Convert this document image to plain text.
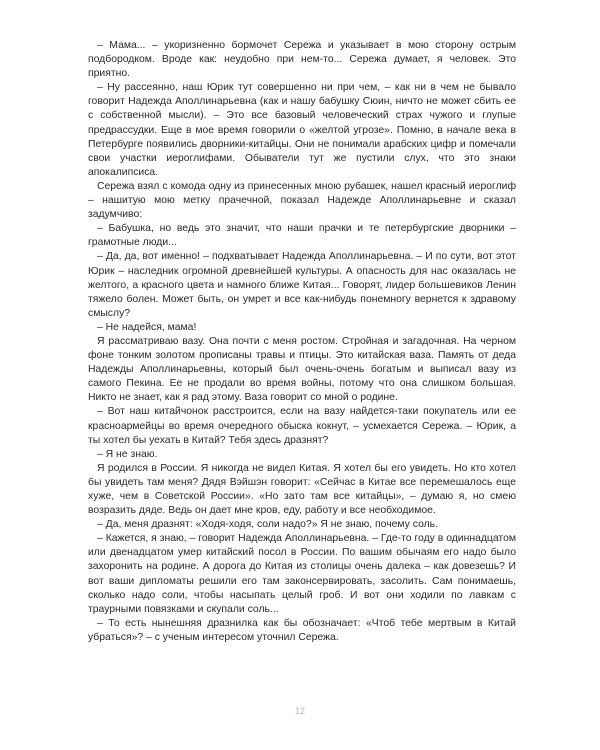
– Мама... – укоризненно бормочет Сережа и указывает в мою сторону острым подбородком. Вроде как: неудобно при нем-то... Сережа думает, я человек. Это приятно.

– Ну рассеянно, наш Юрик тут совершенно ни при чем, – как ни в чем не бывало говорит Надежда Аполлинарьевна (как и нашу бабушку Сюин, ничто не может сбить ее с собственной мысли). – Это все базовый человеческий страх чужого и глупые предрассудки. Еще в мое время говорили о «желтой угрозе». Помню, в начале века в Петербурге появились дворники-китайцы. Они не понимали арабских цифр и помечали свои участки иероглифами. Обыватели тут же пустили слух, что это знаки апокалипсиса.

Сережа взял с комода одну из принесенных мною рубашек, нашел красный иероглиф – нашитую мою метку прачечной, показал Надежде Аполлинарьевне и сказал задумчиво:

– Бабушка, но ведь это значит, что наши прачки и те петербургские дворники – грамотные люди...

– Да, да, вот именно! – подхватывает Надежда Аполлинарьевна. – И по сути, вот этот Юрик – наследник огромной древнейшей культуры. А опасность для нас оказалась не желтого, а красного цвета и намного ближе Китая... Говорят, лидер большевиков Ленин тяжело болен. Может быть, он умрет и все как-нибудь понемногу вернется к здравому смыслу?

– Не надейся, мама!

Я рассматриваю вазу. Она почти с меня ростом. Стройная и загадочная. На черном фоне тонким золотом прописаны травы и птицы. Это китайская ваза. Память от деда Надежды Аполлинарьевны, который был очень-очень богатым и выписал вазу из самого Пекина. Ее не продали во время войны, потому что она слишком большая. Никто не знает, как я рад этому. Ваза говорит со мной о родине.

– Вот наш китайчонок расстроится, если на вазу найдется-таки покупатель или ее красноармейцы во время очередного обыска кокнут, – усмехается Сережа. – Юрик, а ты хотел бы уехать в Китай? Тебя здесь дразнят?

– Я не знаю.

Я родился в России. Я никогда не видел Китая. Я хотел бы его увидеть. Но кто хотел бы увидеть там меня? Дядя Вэйшэн говорит: «Сейчас в Китае все перемешалось еще хуже, чем в Советской России». «Но зато там все китайцы», – думаю я, но смею возразить дяде. Ведь он дает мне кров, еду, работу и все необходимое.

– Да, меня дразнят: «Ходя-ходя, соли надо?» Я не знаю, почему соль.

– Кажется, я знаю, – говорит Надежда Аполлинарьевна. – Где-то году в одиннадцатом или двенадцатом умер китайский посол в России. По вашим обычаям его надо было захоронить на родине. А дорога до Китая из столицы очень далека – как довезешь? И вот ваши дипломаты решили его там законсервировать, засолить. Сам понимаешь, сколько надо соли, чтобы насыпать целый гроб. И вот они ходили по лавкам с траурными повязками и скупали соль...

– То есть нынешняя дразнилка как бы обозначает: «Чтоб тебе мертвым в Китай убраться»? – с ученым интересом уточнил Сережа.

12
